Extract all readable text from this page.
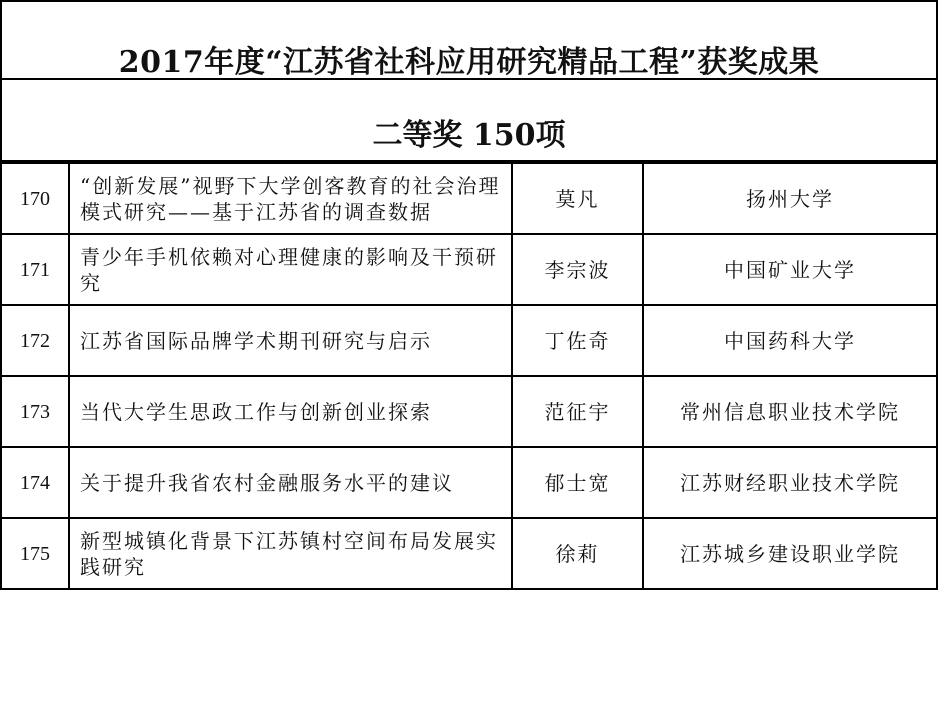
2017年度“江苏省社科应用研究精品工程”获奖成果
二等奖 150项
170	“创新发展”视野下大学创客教育的社会治理模式研究——基于江苏省的调查数据	莫凡	扬州大学
171	青少年手机依赖对心理健康的影响及干预研究	李宗波	中国矿业大学
172	江苏省国际品牌学术期刊研究与启示	丁佐奇	中国药科大学
173	当代大学生思政工作与创新创业探索	范征宇	常州信息职业技术学院
174	关于提升我省农村金融服务水平的建议	郁士宽	江苏财经职业技术学院
175	新型城镇化背景下江苏镇村空间布局发展实践研究	徐莉	江苏城乡建设职业学院
